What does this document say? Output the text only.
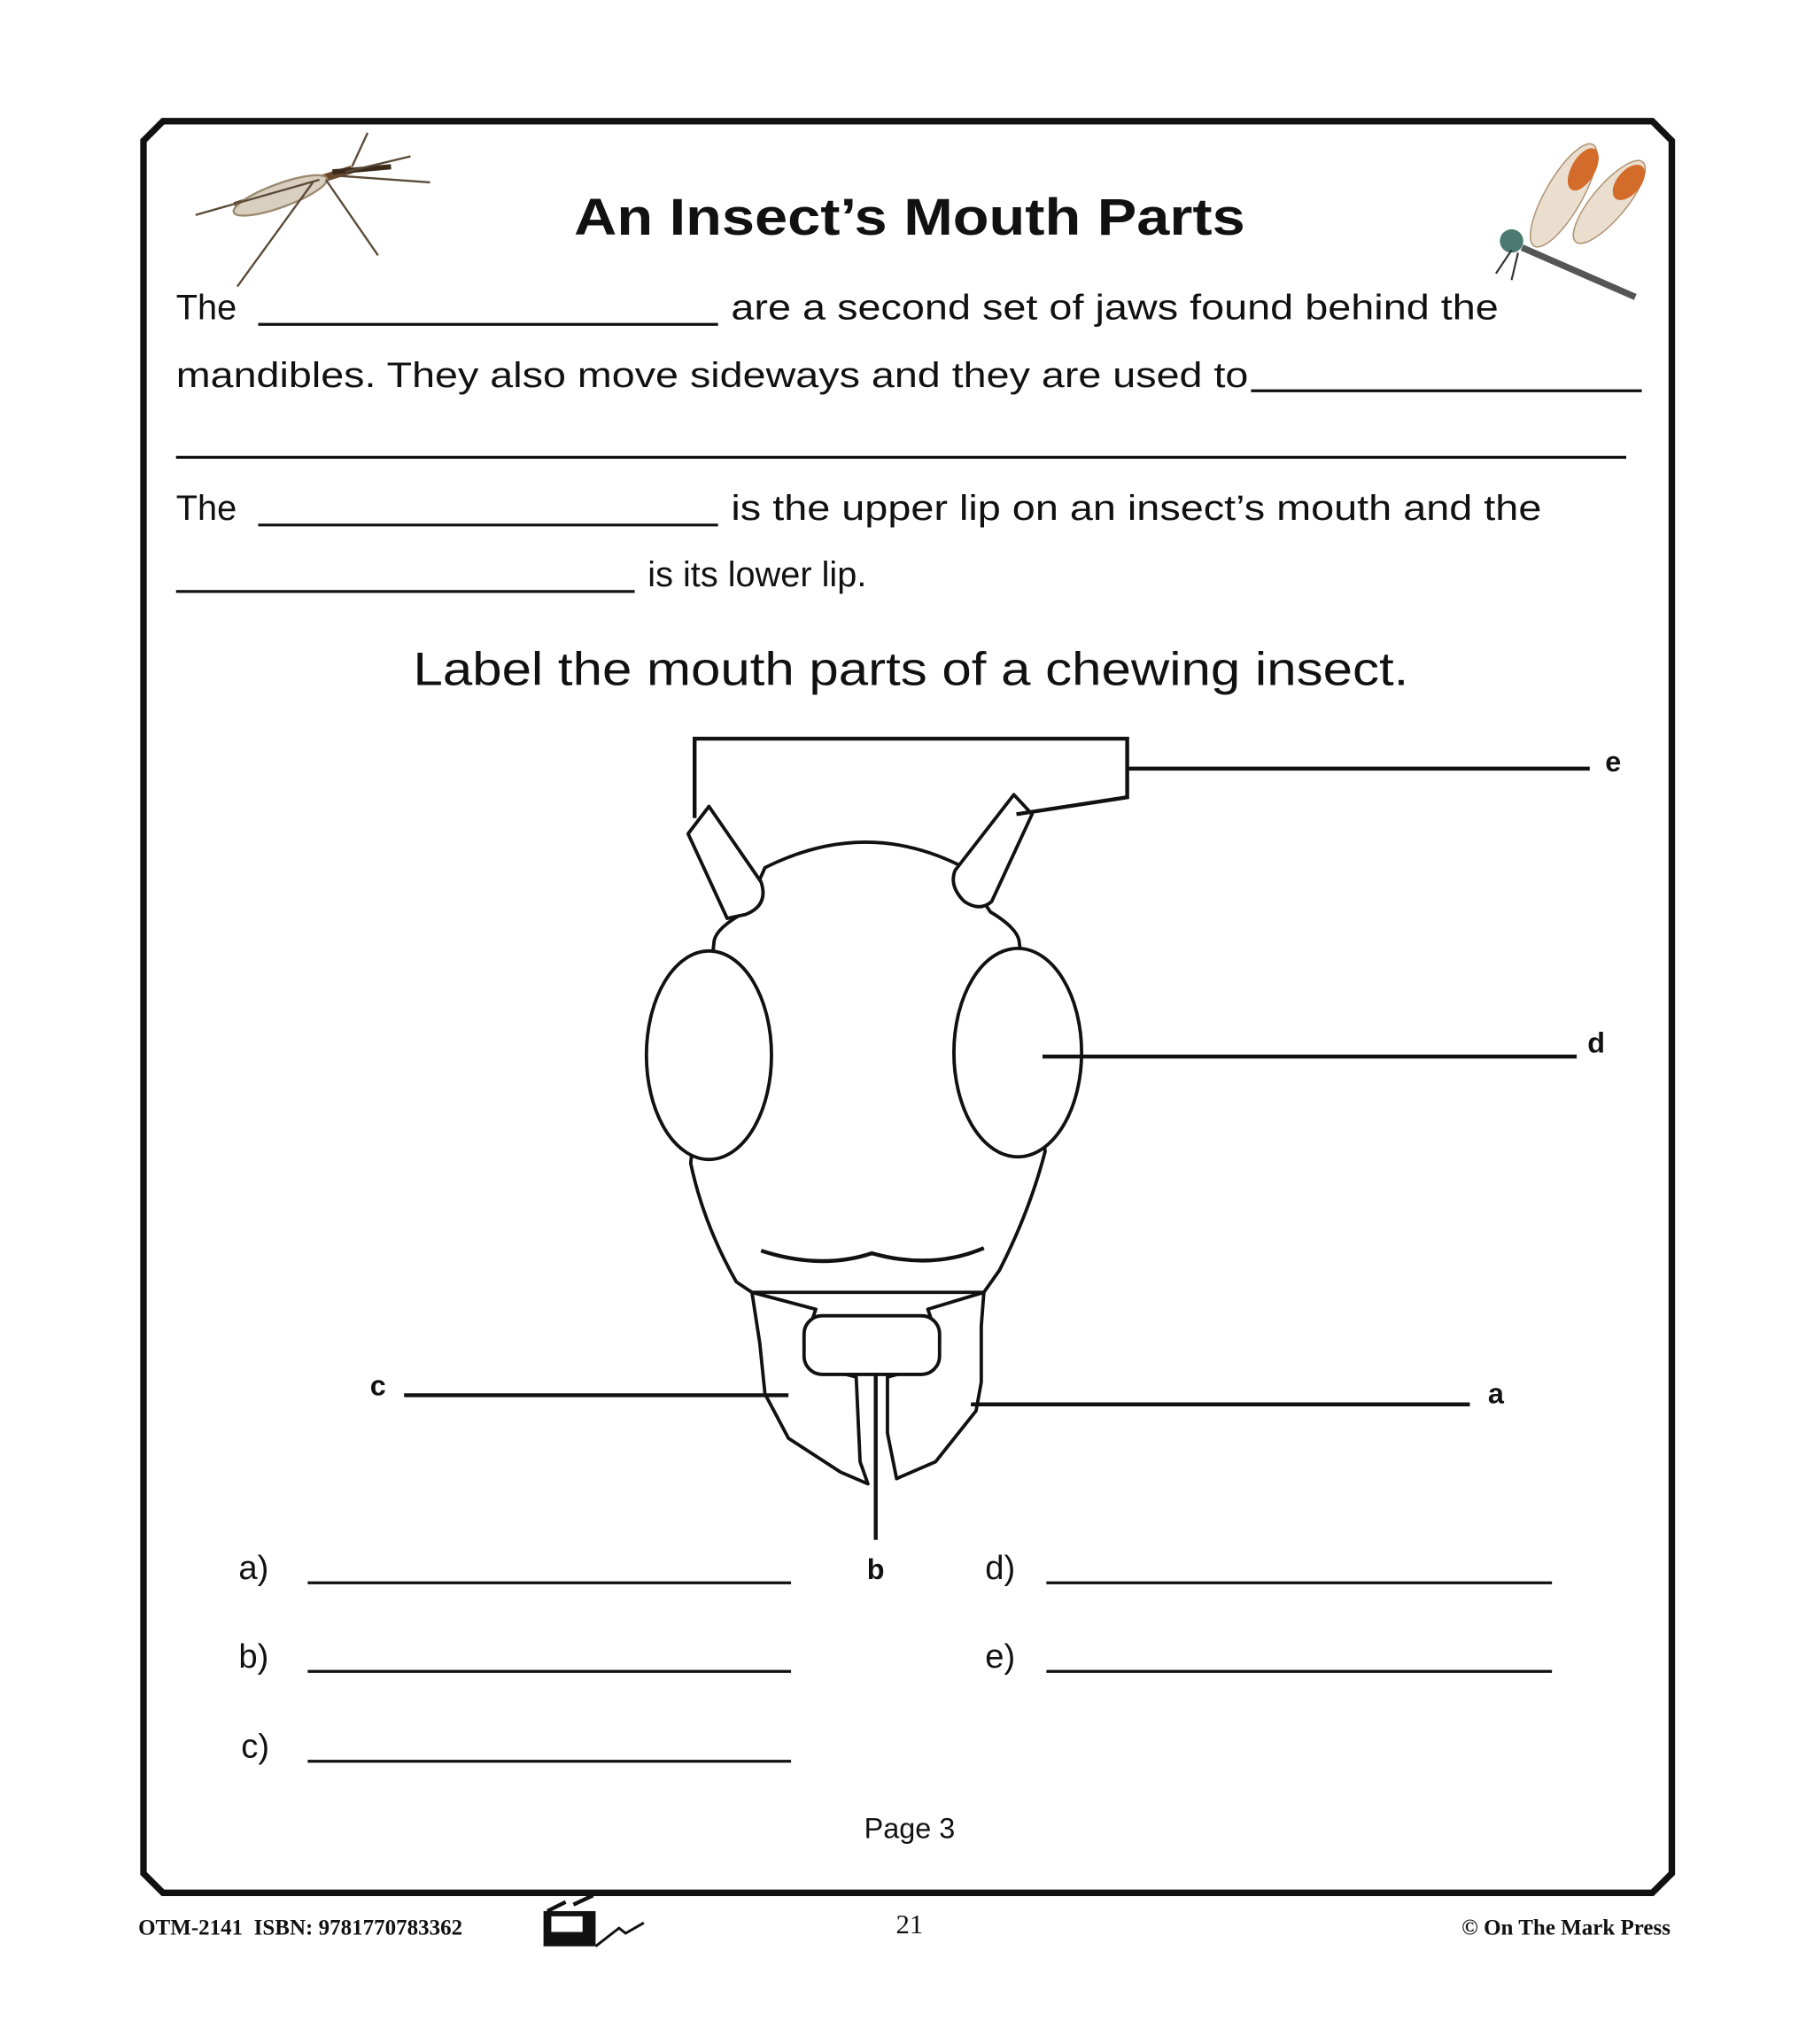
An Insect’s Mouth Parts
The	are a second set of jaws found behind the
mandibles. They also move sideways and they are used to
The	is the upper lip on an insect’s mouth and the
is its lower lip.
Label the mouth parts of a chewing insect.
e
d
a
c
b
a)
b)
c)
d)
e)
Page 3
OTM-2141  ISBN: 9781770783362	21	© On The Mark Press
